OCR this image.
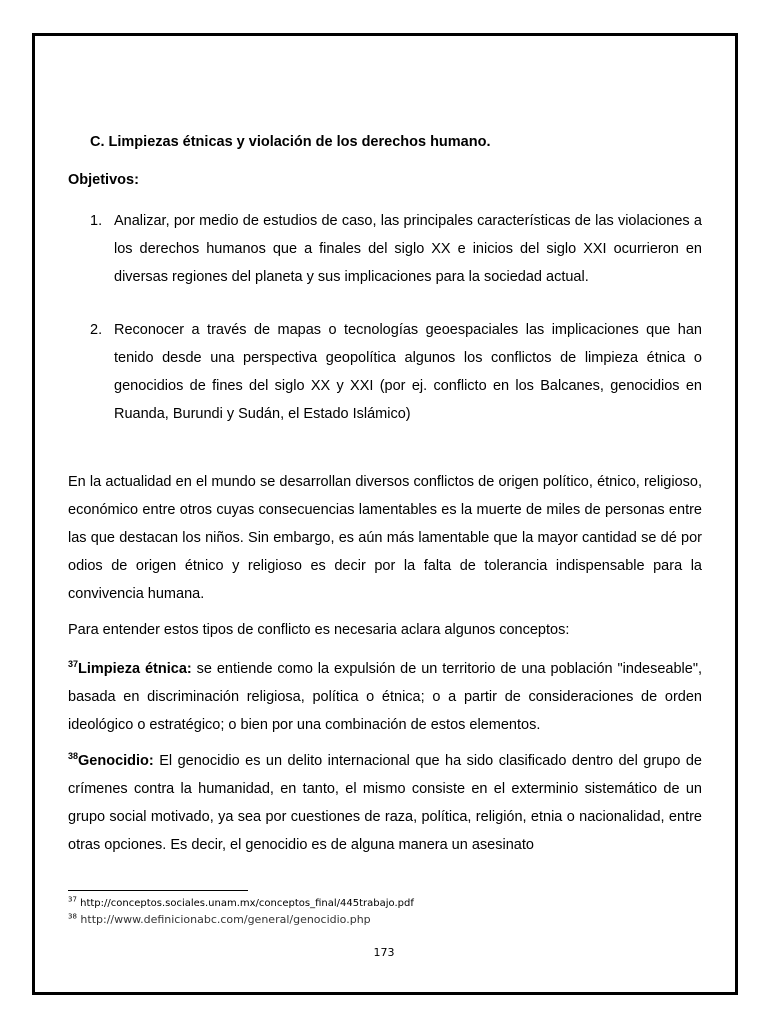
C. Limpiezas étnicas y violación de los derechos humano.
Objetivos:
1. Analizar, por medio de estudios de caso, las principales características de las violaciones a los derechos humanos que a finales del siglo XX e inicios del siglo XXI ocurrieron en diversas regiones del planeta y sus implicaciones para la sociedad actual.
2. Reconocer a través de mapas o tecnologías geoespaciales las implicaciones que han tenido desde una perspectiva geopolítica algunos los conflictos de limpieza étnica o genocidios de fines del siglo XX y XXI (por ej. conflicto en los Balcanes, genocidios en Ruanda, Burundi y Sudán, el Estado Islámico)
En la actualidad en el mundo se desarrollan diversos conflictos de origen político, étnico, religioso, económico entre otros cuyas consecuencias lamentables es la muerte de miles de personas entre las que destacan los niños. Sin embargo, es aún más lamentable que la mayor cantidad se dé por odios de origen étnico y religioso es decir por la falta de tolerancia indispensable para la convivencia humana.
Para entender estos tipos de conflicto es necesaria aclara algunos conceptos:
$^{37}$Limpieza étnica: se entiende como la expulsión de un territorio de una población "indeseable", basada en discriminación religiosa, política o étnica; o a partir de consideraciones de orden ideológico o estratégico; o bien por una combinación de estos elementos.
$^{38}$Genocidio: El genocidio es un delito internacional que ha sido clasificado dentro del grupo de crímenes contra la humanidad, en tanto, el mismo consiste en el exterminio sistemático de un grupo social motivado, ya sea por cuestiones de raza, política, religión, etnia o nacionalidad, entre otras opciones. Es decir, el genocidio es de alguna manera un asesinato
$^{37}$ http://conceptos.sociales.unam.mx/conceptos_final/445trabajo.pdf
$^{38}$ http://www.definicionabc.com/general/genocidio.php
173
